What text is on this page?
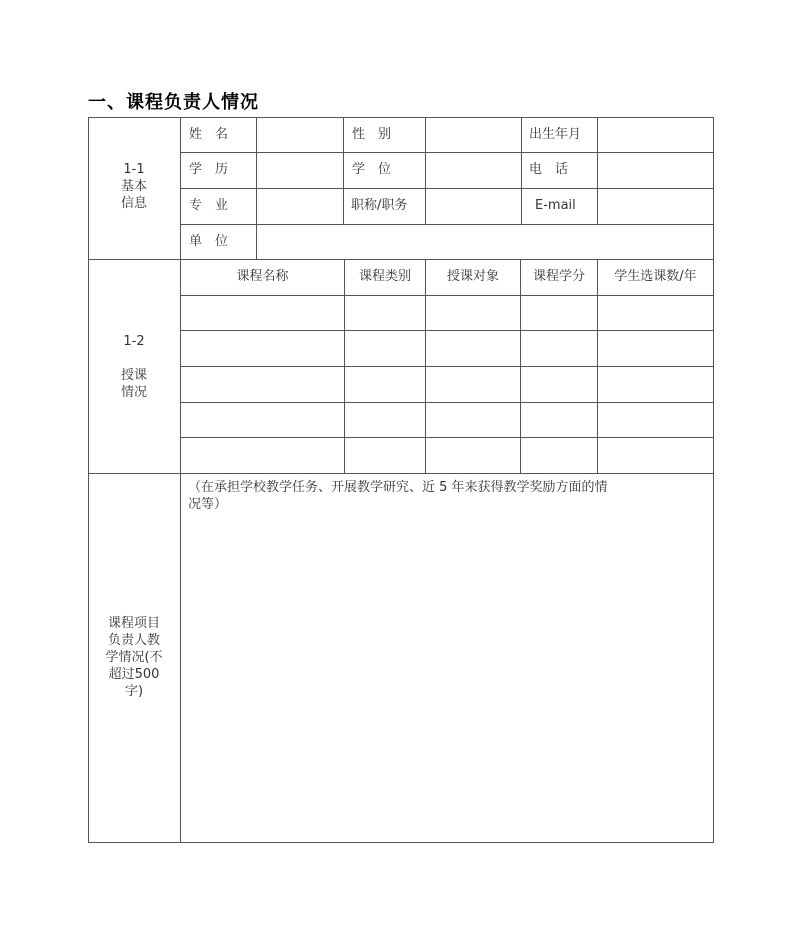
一、课程负责人情况
1-1
基本
信息
姓　名	性　别	出生年月
学　历	学　位	电　话
专　业	职称/职务	E-mail
单　位
1-2
授课
情况
课程名称	课程类别	授课对象	课程学分	学生选课数/年
课程项目
负责人教
学情况(不
超过500
字)
（在承担学校教学任务、开展教学研究、近 5 年来获得教学奖励方面的情
况等）
